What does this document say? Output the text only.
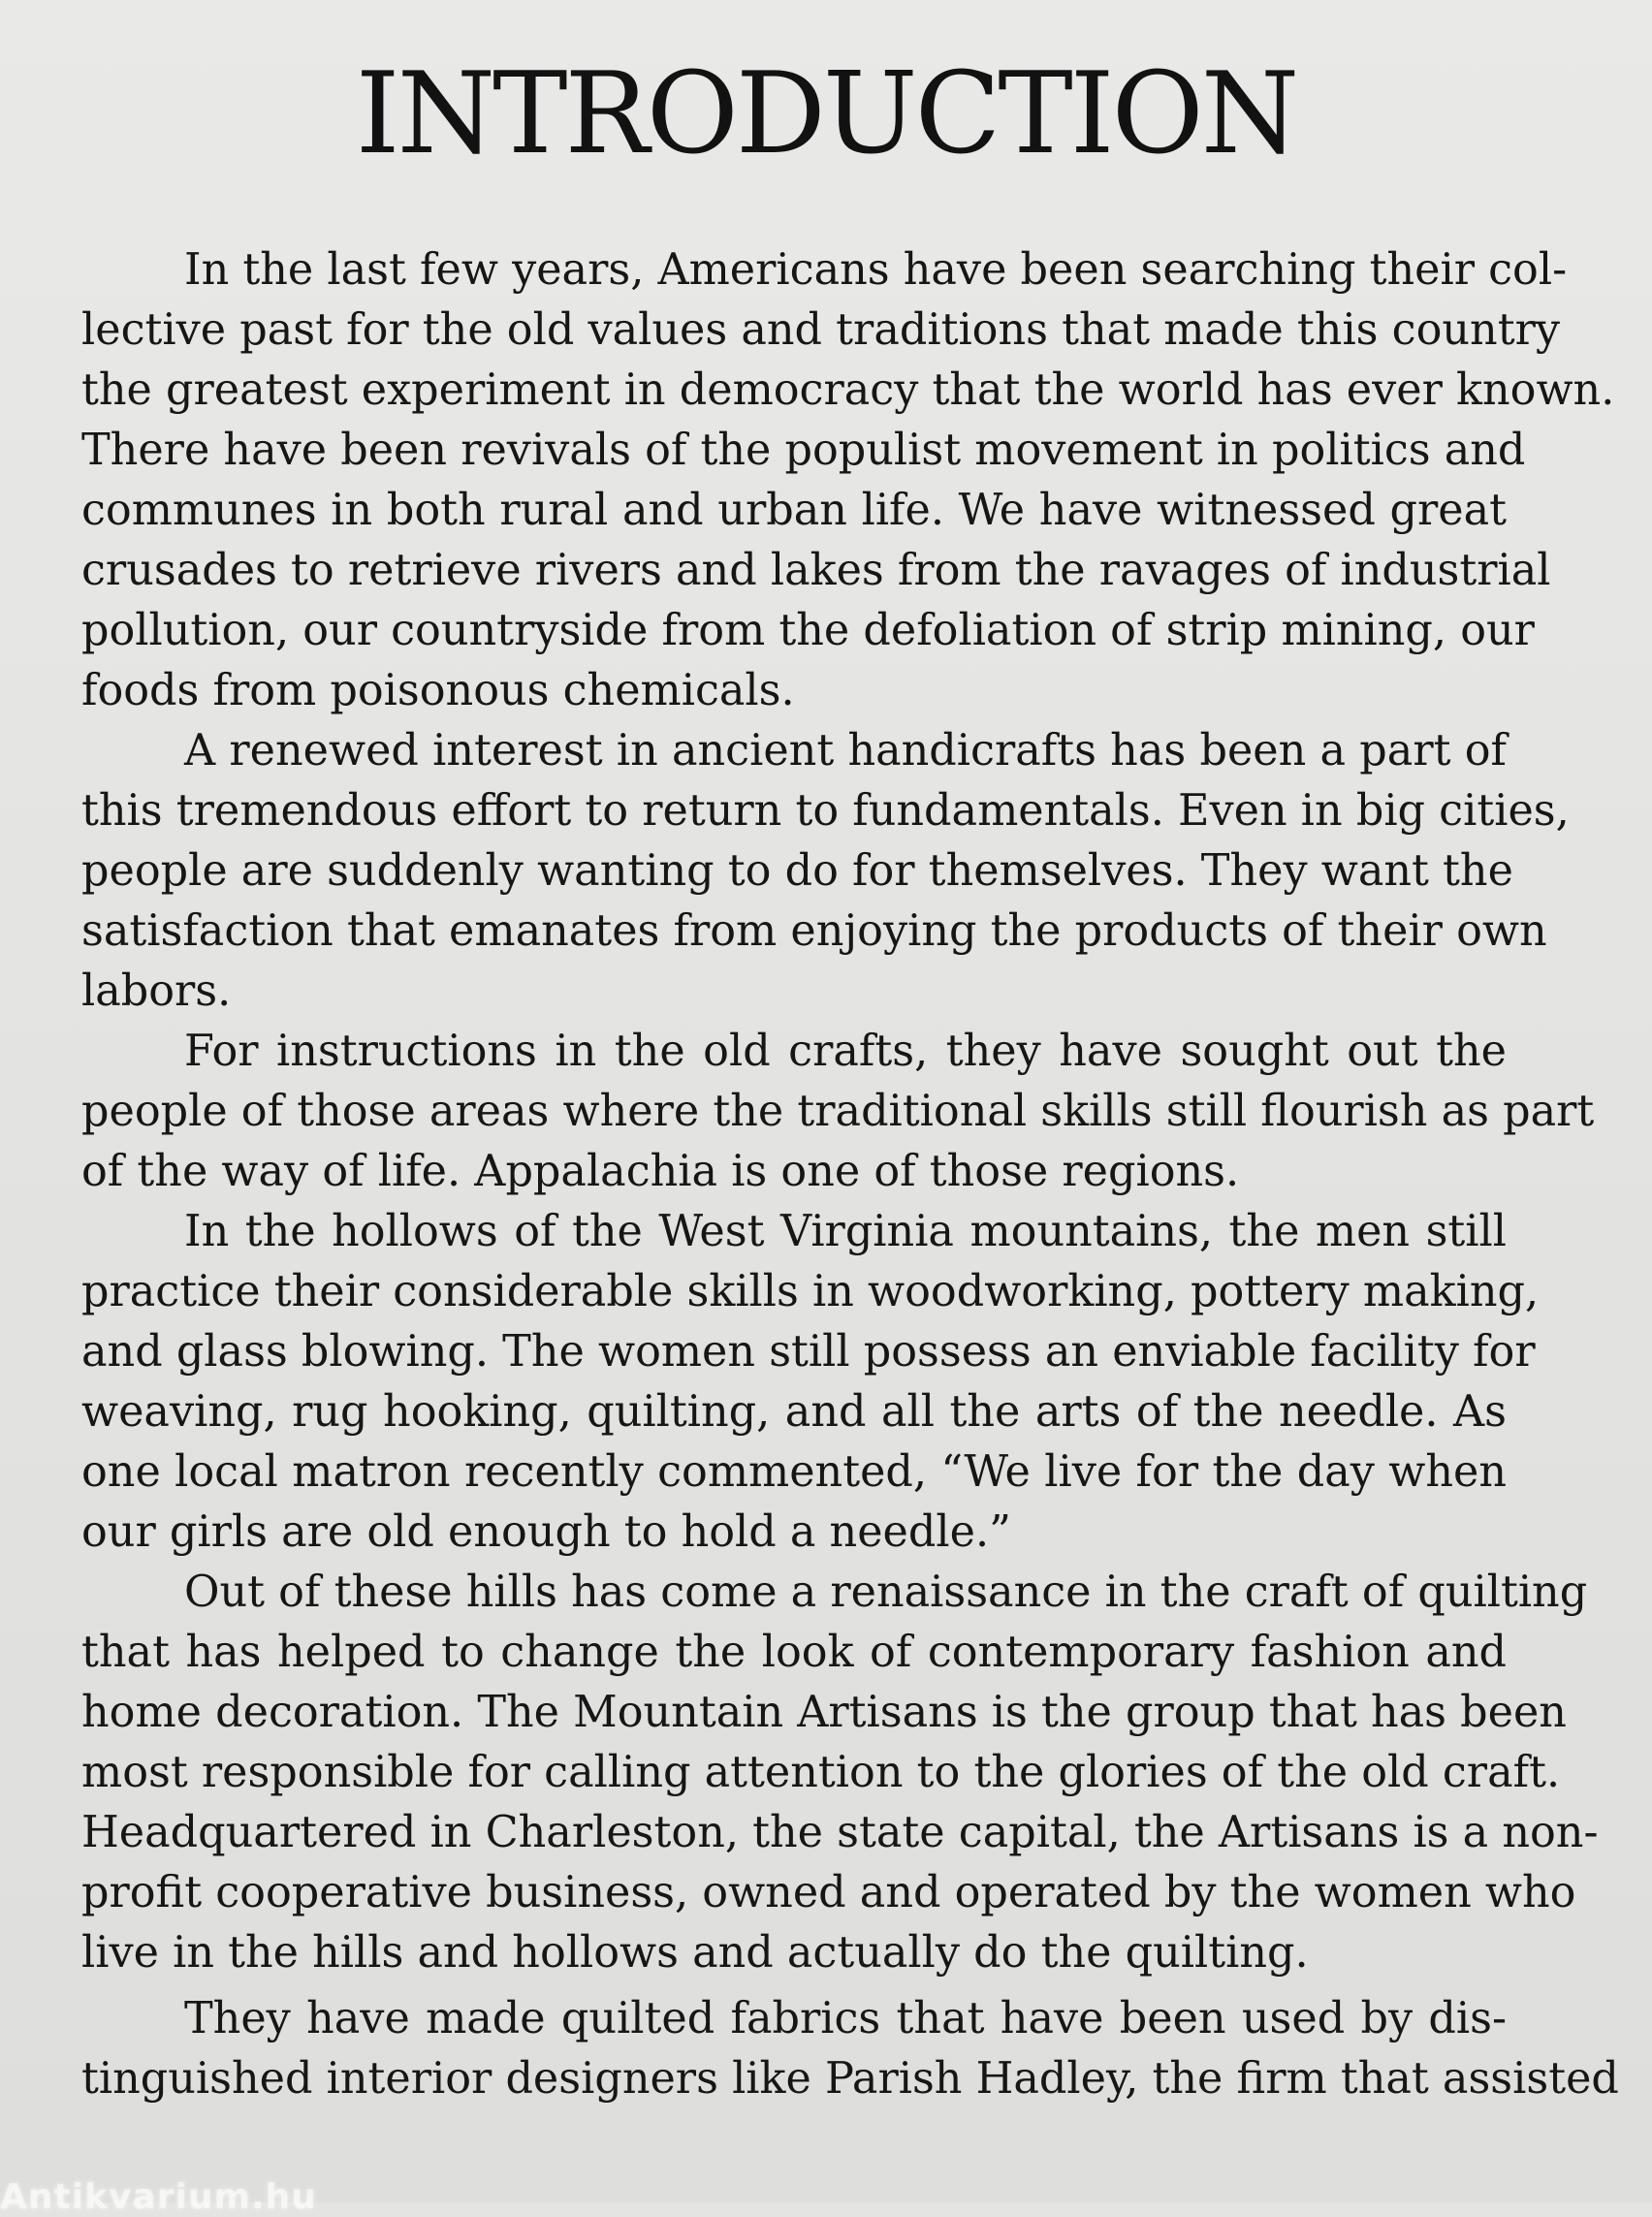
INTRODUCTION
In the last few years, Americans have been searching their col-
lective past for the old values and traditions that made this country
the greatest experiment in democracy that the world has ever known.
There have been revivals of the populist movement in politics and
communes in both rural and urban life. We have witnessed great
crusades to retrieve rivers and lakes from the ravages of industrial
pollution, our countryside from the defoliation of strip mining, our
foods from poisonous chemicals.
A renewed interest in ancient handicrafts has been a part of
this tremendous effort to return to fundamentals. Even in big cities,
people are suddenly wanting to do for themselves. They want the
satisfaction that emanates from enjoying the products of their own
labors.
For instructions in the old crafts, they have sought out the
people of those areas where the traditional skills still flourish as part
of the way of life. Appalachia is one of those regions.
In the hollows of the West Virginia mountains, the men still
practice their considerable skills in woodworking, pottery making,
and glass blowing. The women still possess an enviable facility for
weaving, rug hooking, quilting, and all the arts of the needle. As
one local matron recently commented, “We live for the day when
our girls are old enough to hold a needle.”
Out of these hills has come a renaissance in the craft of quilting
that has helped to change the look of contemporary fashion and
home decoration. The Mountain Artisans is the group that has been
most responsible for calling attention to the glories of the old craft.
Headquartered in Charleston, the state capital, the Artisans is a non-
profit cooperative business, owned and operated by the women who
live in the hills and hollows and actually do the quilting.
They have made quilted fabrics that have been used by dis-
tinguished interior designers like Parish Hadley, the firm that assisted
Antikvarium.hu
